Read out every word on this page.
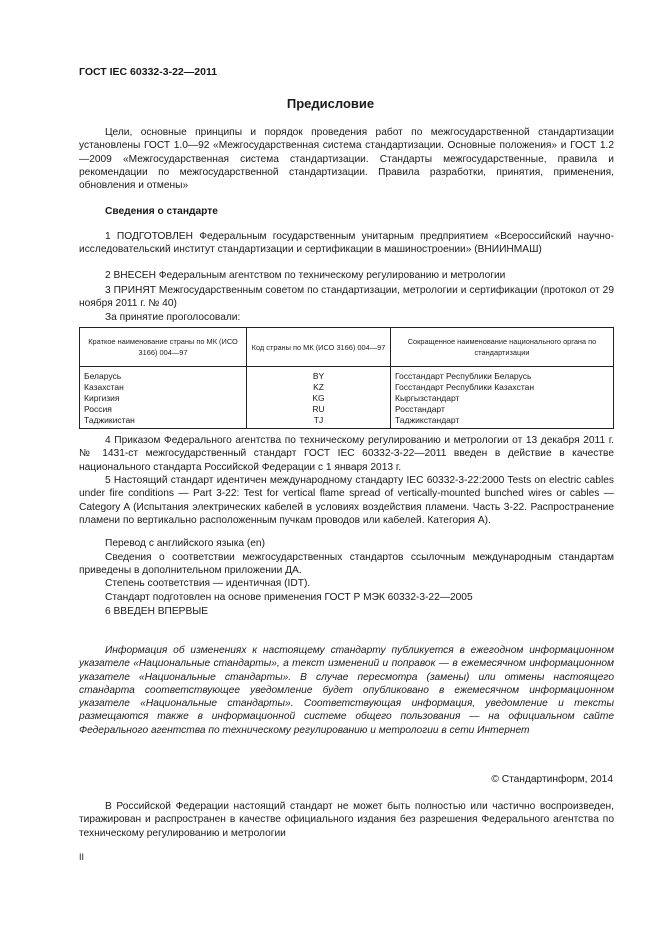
ГОСТ IEC 60332-3-22—2011
Предисловие
Цели, основные принципы и порядок проведения работ по межгосударственной стандартизации установлены ГОСТ 1.0—92 «Межгосударственная система стандартизации. Основные положения» и ГОСТ 1.2—2009 «Межгосударственная система стандартизации. Стандарты межгосударственные, правила и рекомендации по межгосударственной стандартизации. Правила разработки, принятия, применения, обновления и отмены»
Сведения о стандарте
1 ПОДГОТОВЛЕН Федеральным государственным унитарным предприятием «Всероссийский научно-исследовательский институт стандартизации и сертификации в машиностроении» (ВНИИНМАШ)
2 ВНЕСЕН Федеральным агентством по техническому регулированию и метрологии
3 ПРИНЯТ Межгосударственным советом по стандартизации, метрологии и сертификации (протокол от 29 ноября 2011 г. № 40)
За принятие проголосовали:
Краткое наименование страны по МК (ИСО 3166) 004—97	Код страны по МК (ИСО 3166) 004—97	Сокращенное наименование национального органа по стандартизации
Беларусь	BY	Госстандарт Республики Беларусь
Казахстан	KZ	Госстандарт Республики Казахстан
Киргизия	KG	Кыргызстандарт
Россия	RU	Росстандарт
Таджикистан	TJ	Таджикстандарт
4 Приказом Федерального агентства по техническому регулированию и метрологии от 13 декабря 2011 г. № 1431-ст межгосударственный стандарт ГОСТ IEC 60332-3-22—2011 введен в действие в качестве национального стандарта Российской Федерации с 1 января 2013 г.
5 Настоящий стандарт идентичен международному стандарту IEC 60332-3-22:2000 Tests on electric cables under fire conditions — Part 3-22: Test for vertical flame spread of vertically-mounted bunched wires or cables — Category A (Испытания электрических кабелей в условиях воздействия пламени. Часть 3-22. Распространение пламени по вертикально расположенным пучкам проводов или кабелей. Категория А).
Перевод с английского языка (en)
Сведения о соответствии межгосударственных стандартов ссылочным международным стандартам приведены в дополнительном приложении ДА.
Степень соответствия — идентичная (IDT).
Стандарт подготовлен на основе применения ГОСТ Р МЭК 60332-3-22—2005
6 ВВЕДЕН ВПЕРВЫЕ
Информация об изменениях к настоящему стандарту публикуется в ежегодном информационном указателе «Национальные стандарты», а текст изменений и поправок — в ежемесячном информационном указателе «Национальные стандарты». В случае пересмотра (замены) или отмены настоящего стандарта соответствующее уведомление будет опубликовано в ежемесячном информационном указателе «Национальные стандарты». Соответствующая информация, уведомление и тексты размещаются также в информационной системе общего пользования — на официальном сайте Федерального агентства по техническому регулированию и метрологии в сети Интернет
© Стандартинформ, 2014
В Российской Федерации настоящий стандарт не может быть полностью или частично воспроизведен, тиражирован и распространен в качестве официального издания без разрешения Федерального агентства по техническому регулированию и метрологии
II
